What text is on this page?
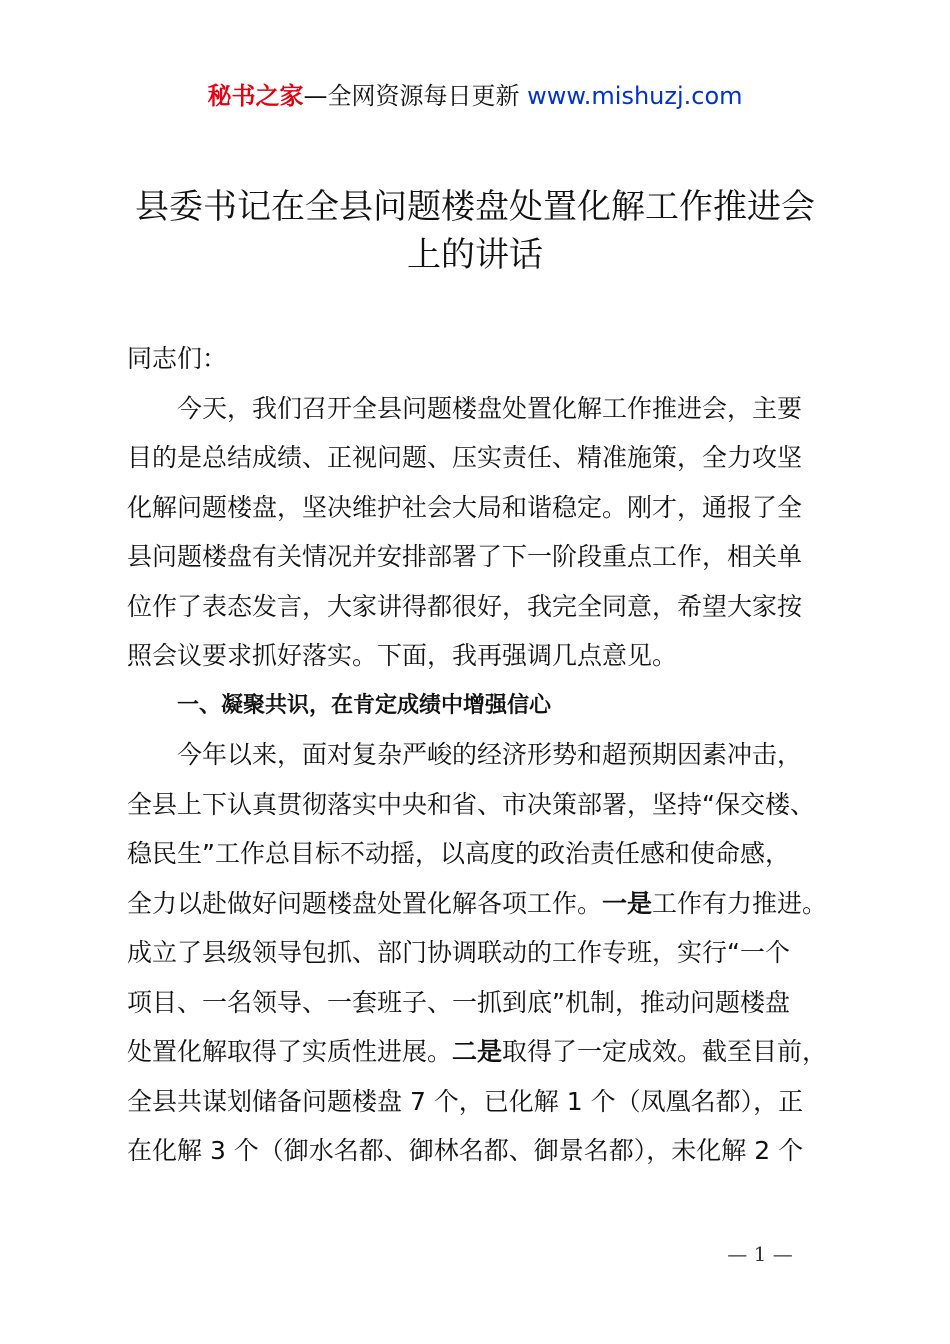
秘书之家—全网资源每日更新 www.mishuzj.com
县委书记在全县问题楼盘处置化解工作推进会
上的讲话
同志们：
今天，我们召开全县问题楼盘处置化解工作推进会，主要
目的是总结成绩、正视问题、压实责任、精准施策，全力攻坚
化解问题楼盘，坚决维护社会大局和谐稳定。刚才，通报了全
县问题楼盘有关情况并安排部署了下一阶段重点工作，相关单
位作了表态发言，大家讲得都很好，我完全同意，希望大家按
照会议要求抓好落实。下面，我再强调几点意见。
一、凝聚共识，在肯定成绩中增强信心
今年以来，面对复杂严峻的经济形势和超预期因素冲击，
全县上下认真贯彻落实中央和省、市决策部署，坚持“保交楼、
稳民生”工作总目标不动摇，以高度的政治责任感和使命感，
全力以赴做好问题楼盘处置化解各项工作。一是工作有力推进。
成立了县级领导包抓、部门协调联动的工作专班，实行“一个
项目、一名领导、一套班子、一抓到底”机制，推动问题楼盘
处置化解取得了实质性进展。二是取得了一定成效。截至目前，
全县共谋划储备问题楼盘 7 个，已化解 1 个（凤凰名都），正
在化解 3 个（御水名都、御林名都、御景名都），未化解 2 个
— 1 —
